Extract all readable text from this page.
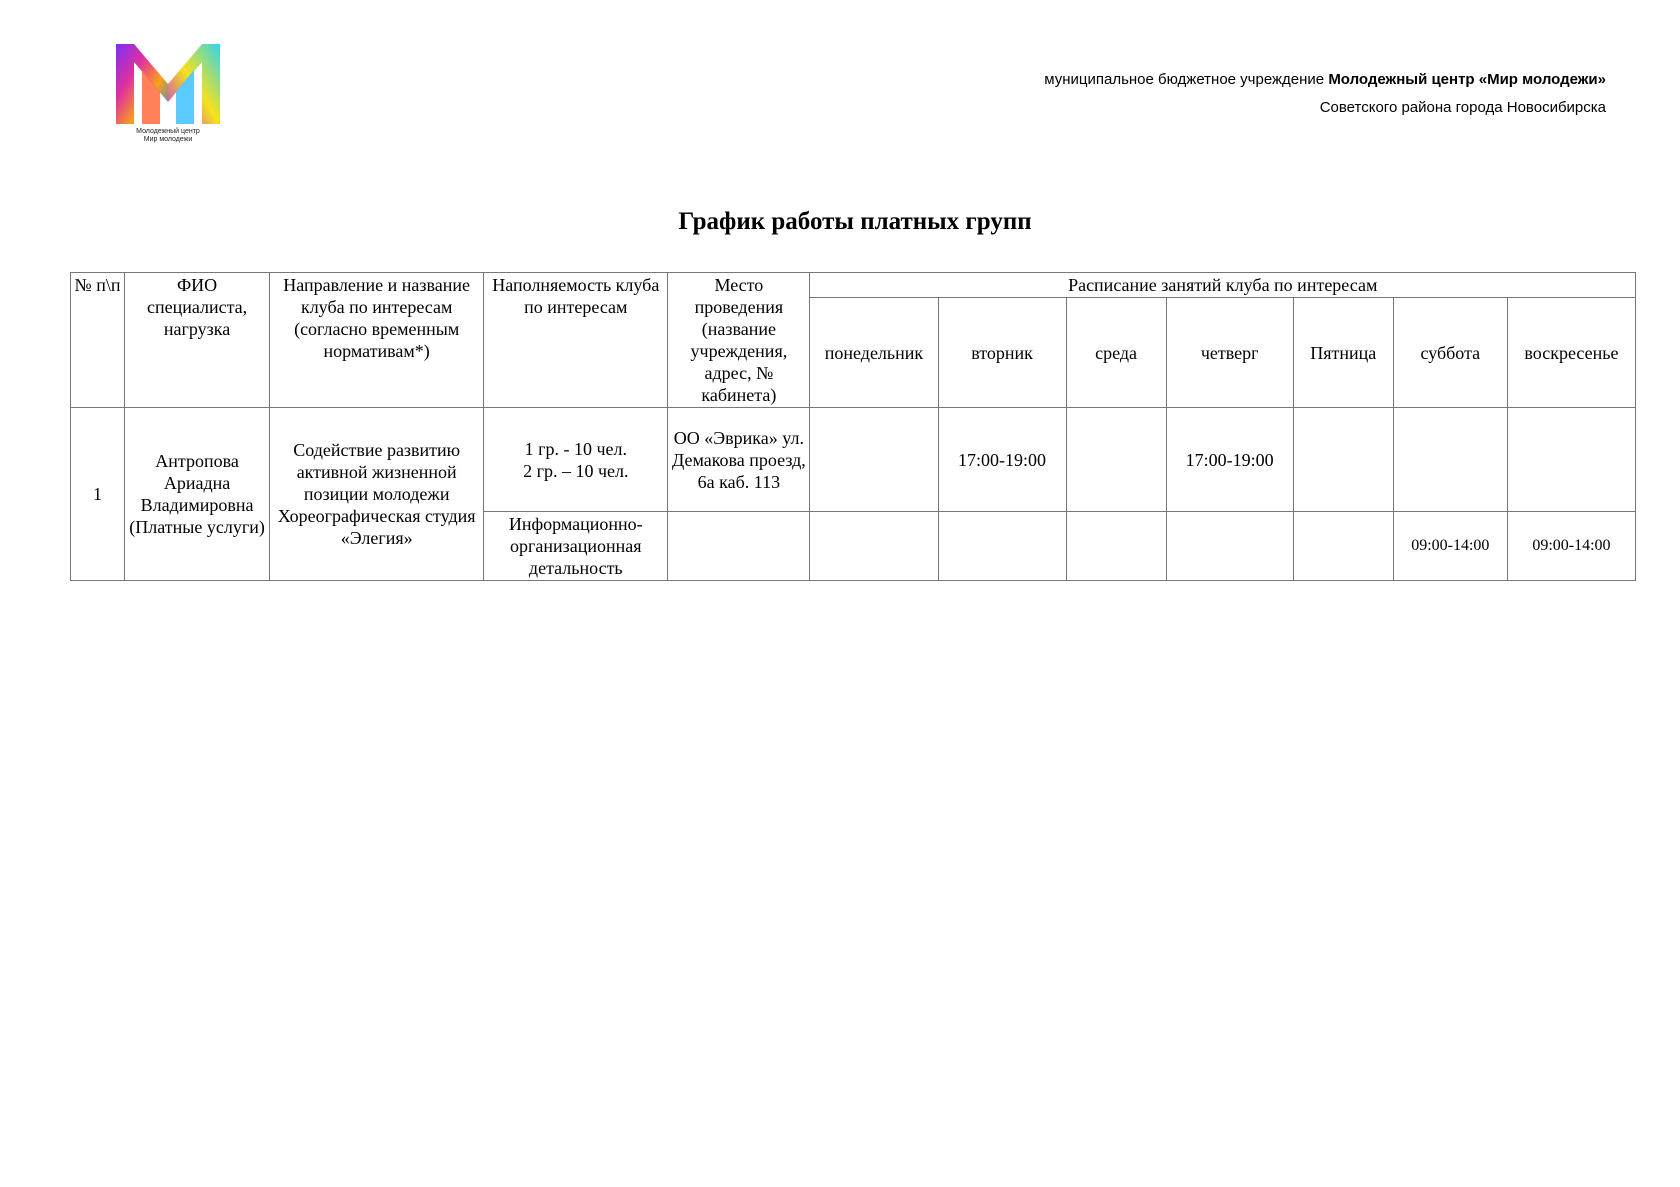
Молодежный центр
Мир молодежи
муниципальное бюджетное учреждение Молодежный центр «Мир молодежи»
Советского района города Новосибирска
График работы платных групп
№ п\п	ФИО специалиста, нагрузка	Направление и название клуба по интересам (согласно временным нормативам*)	Наполняемость клуба по интересам	Место проведения (название учреждения, адрес, № кабинета)	Расписание занятий клуба по интересам						
					понедельник	вторник	среда	четверг	Пятница	суббота	воскресенье
1	Антропова Ариадна Владимировна (Платные услуги)	Содействие развитию активной жизненной позиции молодежи Хореографическая студия «Элегия»	1 гр. - 10 чел.
2 гр. – 10 чел.	ОО «Эврика» ул. Демакова проезд, 6а каб. 113		17:00-19:00		17:00-19:00			
			Информационно-организационная детальность							09:00-14:00	09:00-14:00
